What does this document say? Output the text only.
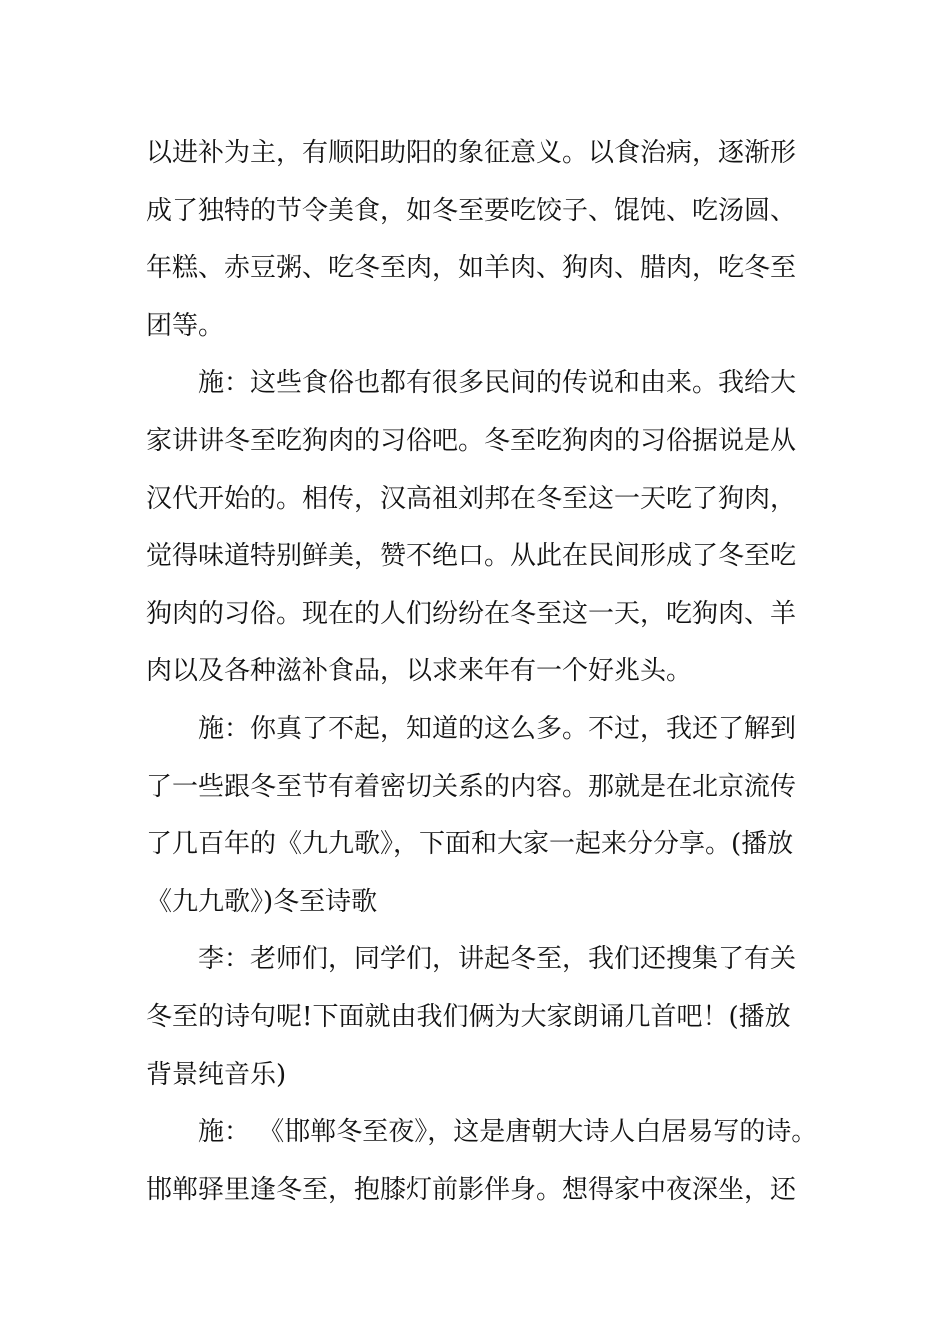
以进补为主，有顺阳助阳的象征意义。以食治病，逐渐形
成了独特的节令美食，如冬至要吃饺子、馄饨、吃汤圆、
年糕、赤豆粥、吃冬至肉，如羊肉、狗肉、腊肉，吃冬至
团等。
施：这些食俗也都有很多民间的传说和由来。我给大
家讲讲冬至吃狗肉的习俗吧。冬至吃狗肉的习俗据说是从
汉代开始的。相传，汉高祖刘邦在冬至这一天吃了狗肉，
觉得味道特别鲜美，赞不绝口。从此在民间形成了冬至吃
狗肉的习俗。现在的人们纷纷在冬至这一天，吃狗肉、羊
肉以及各种滋补食品，以求来年有一个好兆头。
施：你真了不起，知道的这么多。不过，我还了解到
了一些跟冬至节有着密切关系的内容。那就是在北京流传
了几百年的《九九歌》，下面和大家一起来分分享。(播放
《九九歌》)冬至诗歌
李：老师们，同学们，讲起冬至，我们还搜集了有关
冬至的诗句呢!下面就由我们俩为大家朗诵几首吧！(播放
背景纯音乐)
施： 《邯郸冬至夜》，这是唐朝大诗人白居易写的诗。
邯郸驿里逢冬至，抱膝灯前影伴身。想得家中夜深坐，还
